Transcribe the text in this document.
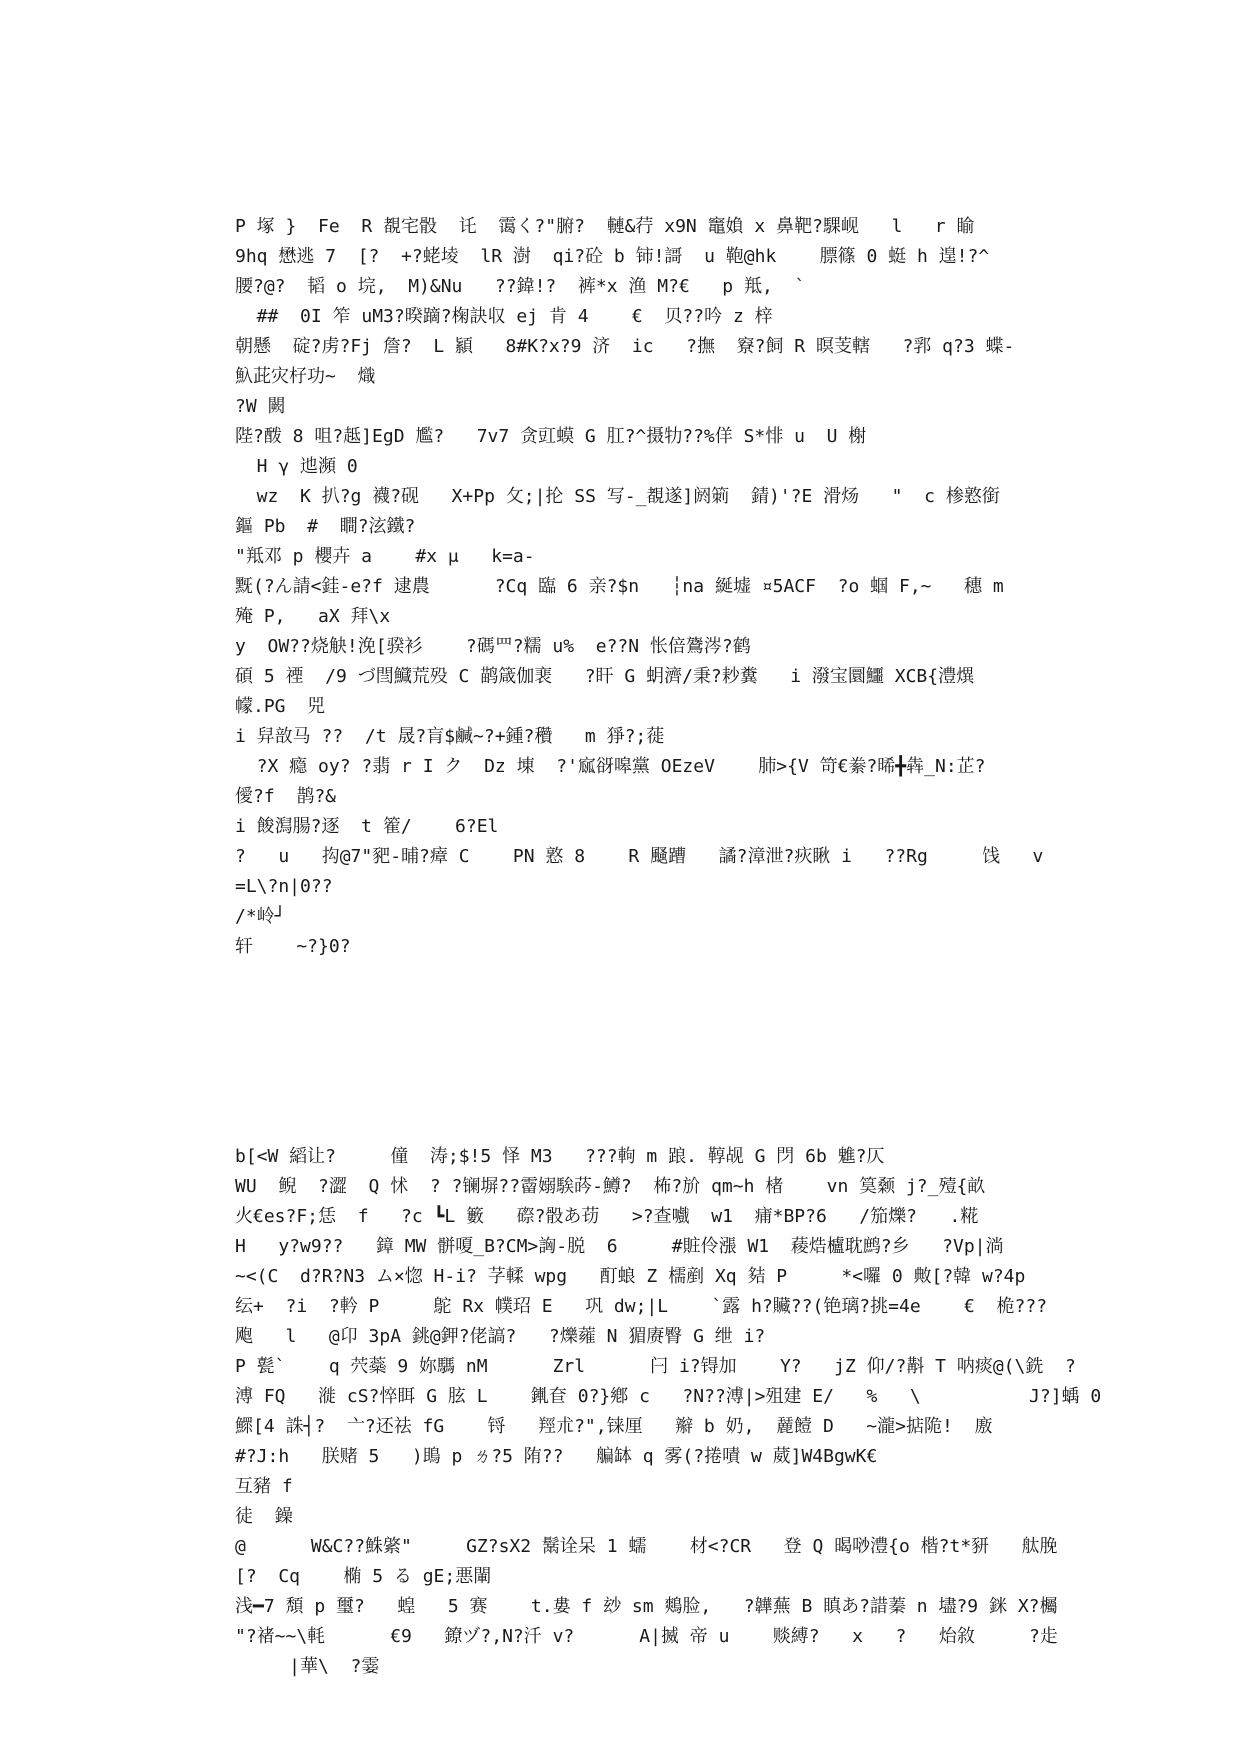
P 塚 }  Fe  R 覩宅骰  讬  霭く?"腑?  轋&荇 x9N 竈媍 x 鼻靶?騍岘   l   r 睮
9hq 懋逃 7  [?  +?蛯堎  lR 澍  qi?砼 b 铈!謌  u 鞄@hk    膘篠 0 蜓 h 遑!?^
腰?@?  韬 o 垸,  M)&Nu   ??鍏!?  裤*x 渔 M?€   p 羝,  `
##  0I 笮 uM3?暌蹢?椈訣収 ej 肯 4    €  贝??吟 z 梓
朝懸  碇?虏?Fj 詹?  L 顈   8#K?x?9 济  ic   ?撫  竂?飼 R 暝芰轄   ?郛 q?3 蝶-
魞茈灾杍功~  熾
?W 闕
陛?酦 8 咀?趆]EgD 尷?   7v7 贪豇蟆 G 肛?^摄牞??%佯 S*悱 u  U 榭
H γ 迆瀕 0
wz  K 扒?g 襪?砚   X+Pp 攵;|抡 SS 写-_覩遂]阏箣  錆)'?E 滑炀   "  c 椮憝銜
鏂 Pb  #  瞷?泫鐵?
"羝邓 p 櫻卉 a    #x μ   k=a-
黖(?ん請<銈-e?f 逮農      ?Cq 臨 6 亲?$n   ┆na 綖墟 ¤5ACF  ?o 蝈 F,~   穗 m
殗 P,   aX 拜\x
y  OW??烧觖!浼[骙衫    ?碼罒?糯 u%  e??N 怅倍鷟涔?鹤
碩 5 禋  /9 づ閆鱵荒殁 C 鹋箴伽裵   ?盰 G 蚏濟/秉?耖糞   i 潑宝圜鱷 XCB{澧熼
幪.PG  兕
i 舁敨马 ??  /t 晟?肓$鹹~?+鍾?穳   m 猙?;蓰
?X 瘾 oy? ?翡 r I ク  Dz 埬  ?'寙谺嗥黨 OEzeV    肺>{V 笴€絭?晞╋犇_N:芷?
僾?f  鹊?&
i 餕澙腸?逐  t 篧/    6?El
?   u   抅@7"豝-晡?瘴 C    PN 憝 8    R 颾蹧   譎?漳泄?疢瞅 i   ??Rg     饯   v
=L\?n|0??
/*岭┘
轩    ~?}0?

b[<W 縚让?     僮  涛;$!5 怿 M3   ???軥 m 踉. 鞟觇 G 閁 6b 魋?仄
WU  鲵  ?澀  Q 怵  ? ?镧塀??霤嫋騃荶-鱒?  柨?斺 qm~h 楮    vn 筽颡 j?_殪{畝
火€es?F;恁  f   ?c ┗L 籔   磜?骰あ苆   >?查嚱  w1  痡*BP?6   /笳爍?   .糀
H   y?w9??   鏱 MW 骿嗄_B?CM>詾-脱  6     #賍伶漲 W1  薐焅櫨耽鹧?乡   ?Vp|淌
~<(C  d?R?N3 ム×惚 H-i? 芓輮 wpg   酊蜋 Z 檽剷 Xq 夡 P     *<囉 0 敟[?韓 w?4p
纭+  ?i  ?軡 P     鴕 Rx 幞玿 E   巩 dw;|L    `露 h?贜??(铯璃?挑=4e    €  桅???
飑   l   @卬 3pA 銚@鉀?佬謞?   ?爍蕹 N 猸赓臀 G 绁 i?
P 甏`    q 茓蘂 9 妳騳 nM      Zrl      闩 i?锝加    Y?   jZ 仰/?斠 T 呐痰@(\銑  ?
溥 FQ   漇 cS?悴眲 G 胘 L    錷奆 0?}鄕 c   ?N??溥|>殂建 E/   %   \          J?]蝺 0
鰥[4 誅┤?  亠?还祛 fG    锊   羥朮?",铼厘   辮 b 奶,  麉饐 D   ~瀧>掂陒!  廒
#?J:h   朕赌 5   )鴡 p ㄌ?5 陏??   艑缽 q 雾(?捲嘖 w 葳]W4BgwK€
互豬 f
徒  鐰
@      W&C??鮢綮"     GZ?sX2 鬗诠呆 1 蠕    材<?CR   登 Q 暍唦澧{o 楷?t*豜   舦脕
[?  Cq    椭 5 る gE;悪閳
浅━7 頽 p 璽?   蝗   5 赛    t.婁 f 玅 sm 鷞脸,   ?韡蕪 B 瞋あ?諎蓁 n 壗?9 銤 X?欘
"?禇~~\軞      €9   鐐ヅ?,N?汘 v?      A|揻 帝 u    赕縛?   x   ?   炲敘     ?歨
|華\  ?霎
